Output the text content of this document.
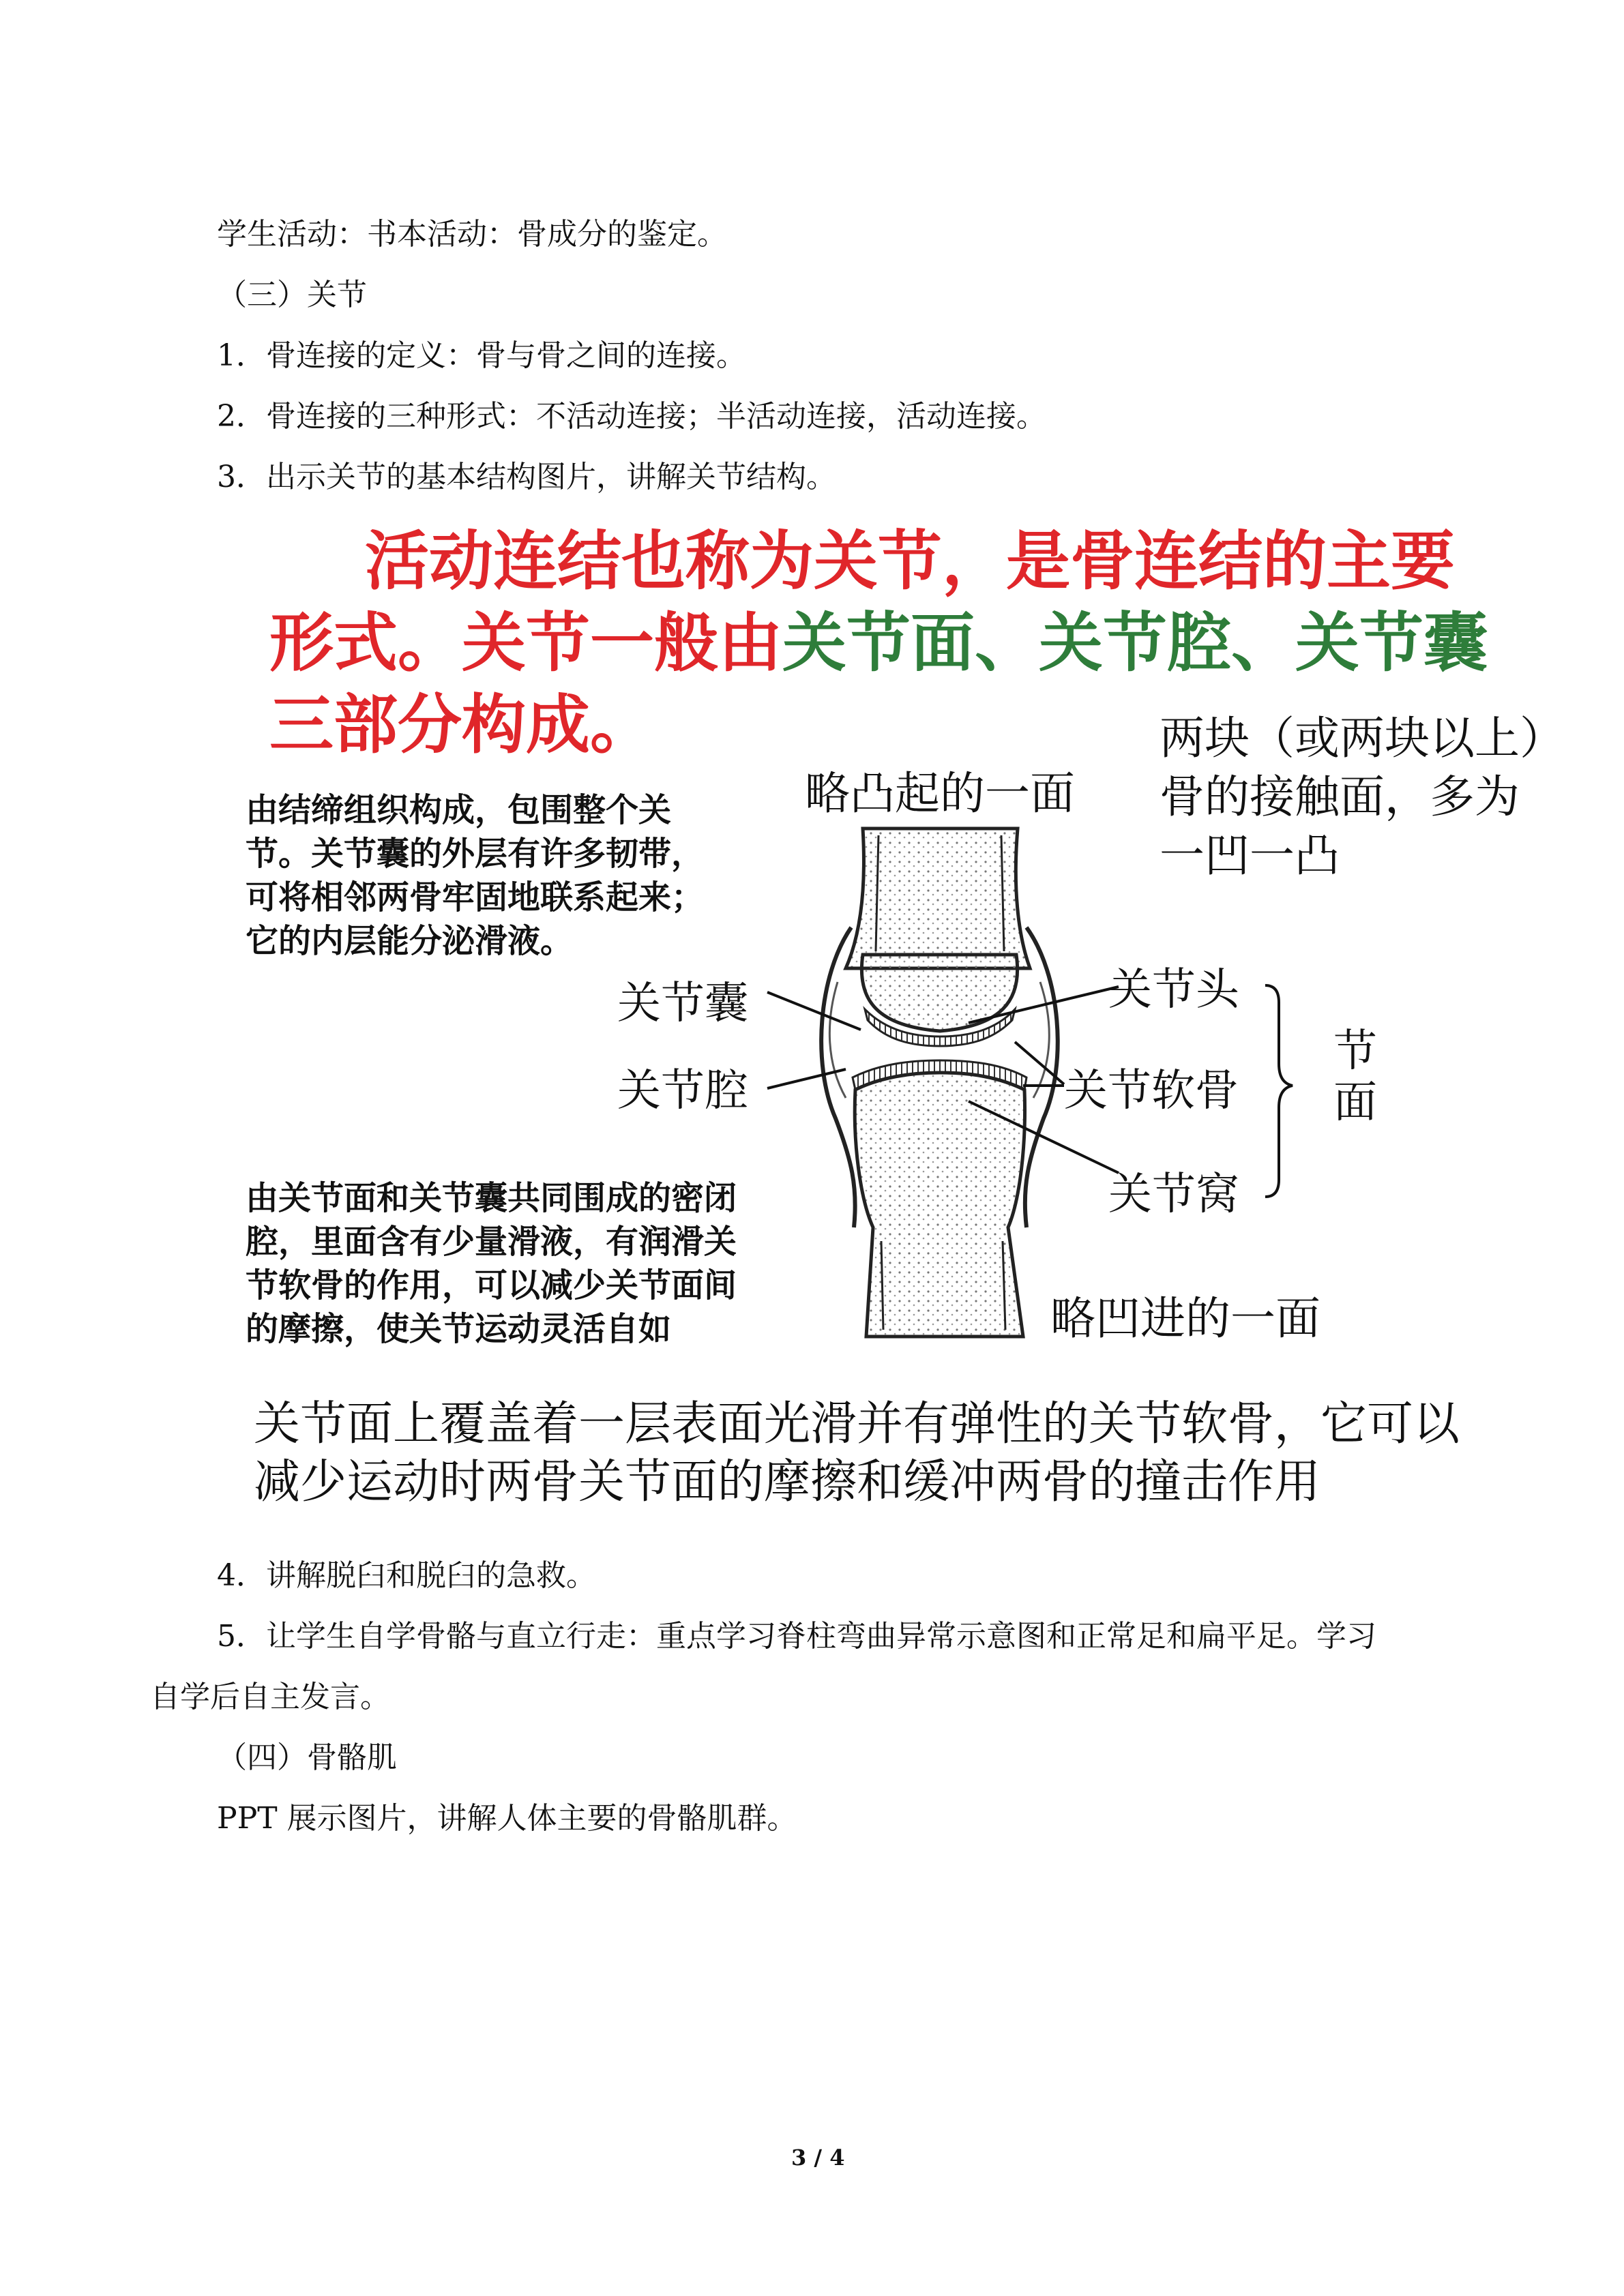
学生活动：书本活动：骨成分的鉴定。
（三）关节
1．骨连接的定义：骨与骨之间的连接。
2．骨连接的三种形式：不活动连接；半活动连接，活动连接。
3．出示关节的基本结构图片，讲解关节结构。
活动连结也称为关节，是骨连结的主要
形式。关节一般由关节面、关节腔、关节囊
三部分构成。
略凸起的一面
两块（或两块以上）
骨的接触面，多为
一凹一凸
由结缔组织构成，包围整个关
节。关节囊的外层有许多韧带，
可将相邻两骨牢固地联系起来；
它的内层能分泌滑液。
由关节面和关节囊共同围成的密闭
腔，里面含有少量滑液，有润滑关
节软骨的作用，可以减少关节面间
的摩擦，使关节运动灵活自如
关节囊
关节腔
关节头
关节软骨
关节窝
节
面
略凹进的一面
关节面上覆盖着一层表面光滑并有弹性的关节软骨，它可以
减少运动时两骨关节面的摩擦和缓冲两骨的撞击作用
4．讲解脱臼和脱臼的急救。
5．让学生自学骨骼与直立行走：重点学习脊柱弯曲异常示意图和正常足和扁平足。学习
自学后自主发言。
（四）骨骼肌
PPT 展示图片，讲解人体主要的骨骼肌群。
3 / 4
